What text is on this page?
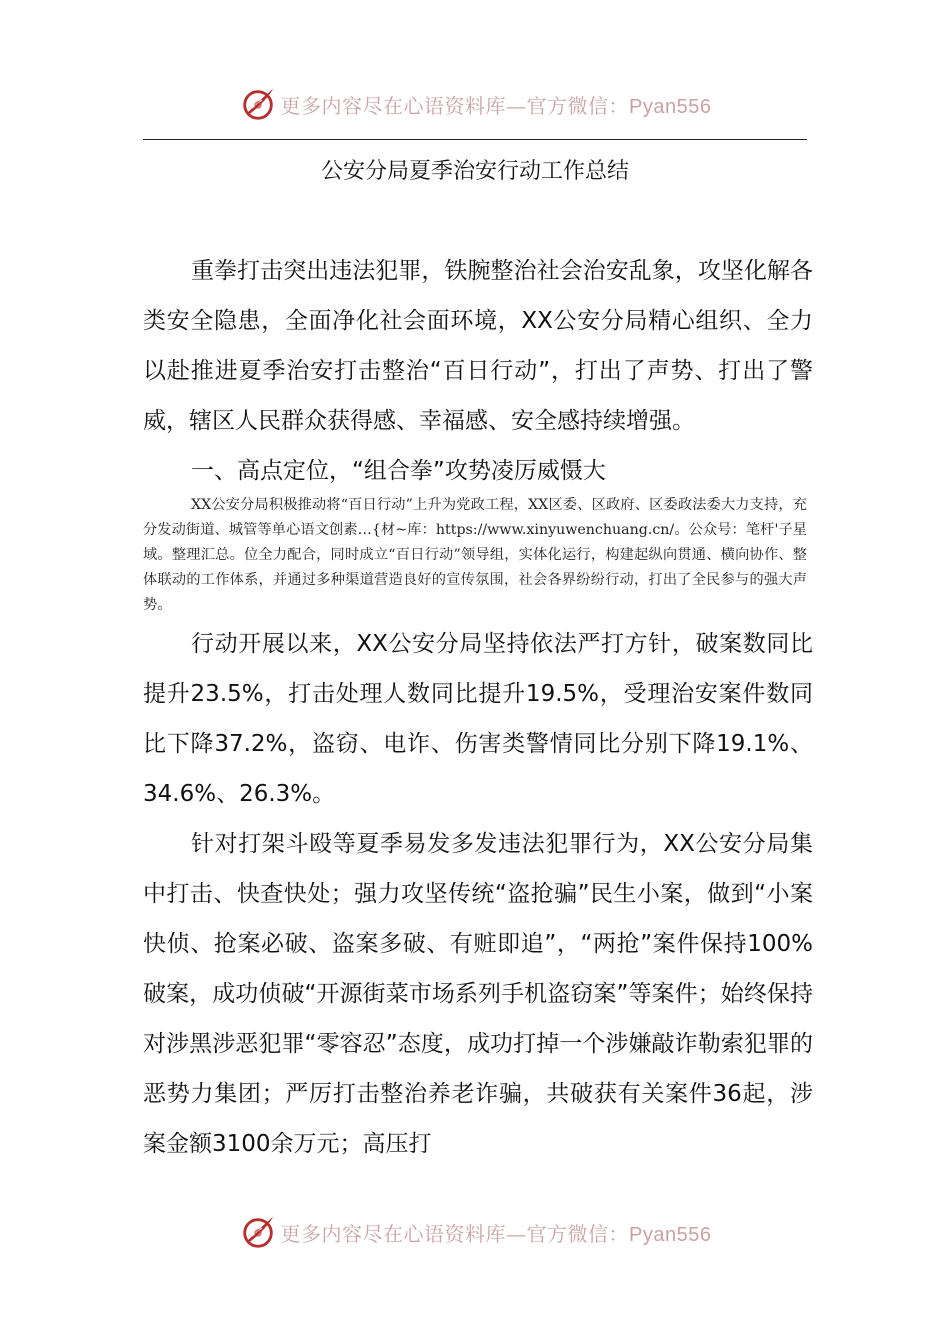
更多内容尽在心语资料库—官方微信：Pyan556
公安分局夏季治安行动工作总结

重拳打击突出违法犯罪，铁腕整治社会治安乱象，攻坚化解各类安全隐患，全面净化社会面环境，XX公安分局精心组织、全力以赴推进夏季治安打击整治“百日行动”，打出了声势、打出了警威，辖区人民群众获得感、幸福感、安全感持续增强。

一、高点定位，“组合拳”攻势凌厉威慑大

XX公安分局积极推动将“百日行动”上升为党政工程，XX区委、区政府、区委政法委大力支持，充分发动街道、城管等单心语文创素…{材~库：https://www.xinyuwenchuang.cn/。公众号：笔杆'子星域。整理汇总。位全力配合，同时成立“百日行动”领导组，实体化运行，构建起纵向贯通、横向协作、整体联动的工作体系，并通过多种渠道营造良好的宣传氛围，社会各界纷纷行动，打出了全民参与的强大声势。

行动开展以来，XX公安分局坚持依法严打方针，破案数同比提升23.5%，打击处理人数同比提升19.5%，受理治安案件数同比下降37.2%，盗窃、电诈、伤害类警情同比分别下降19.1%、34.6%、26.3%。

针对打架斗殴等夏季易发多发违法犯罪行为，XX公安分局集中打击、快查快处；强力攻坚传统“盗抢骗”民生小案，做到“小案快侦、抢案必破、盗案多破、有赃即追”，“两抢”案件保持100%破案，成功侦破“开源街菜市场系列手机盗窃案”等案件；始终保持对涉黑涉恶犯罪“零容忍”态度，成功打掉一个涉嫌敲诈勒索犯罪的恶势力集团；严厉打击整治养老诈骗，共破获有关案件36起，涉案金额3100余万元；高压打

更多内容尽在心语资料库—官方微信：Pyan556
